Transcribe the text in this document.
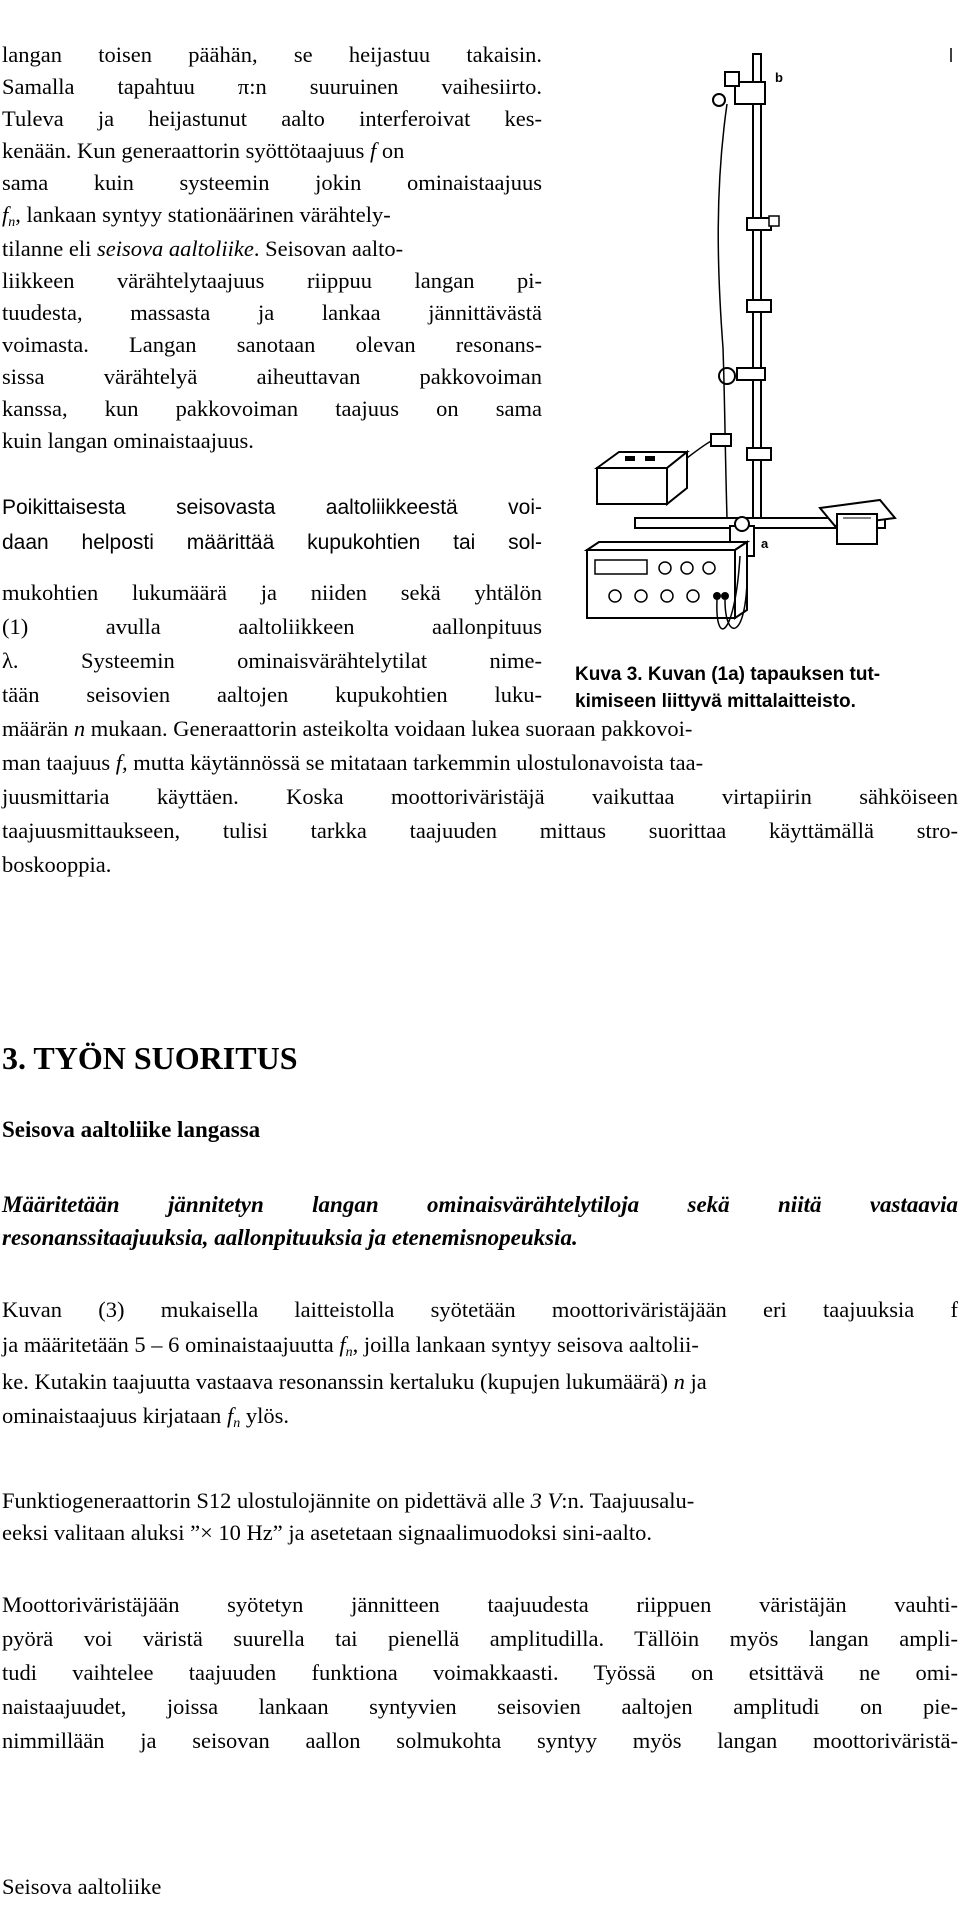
langan toisen päähän, se heijastuu takaisin.
Samalla tapahtuu π:n suuruinen vaihesiirto.
Tuleva ja heijastunut aalto interferoivat kes-
kenään. Kun generaattorin syöttötaajuus f on
sama kuin systeemin jokin ominaistaajuus
$f_n$, lankaan syntyy stationäärinen värähtely-
tilanne eli seisova aaltoliike. Seisovan aalto-
liikkeen värähtelytaajuus riippuu langan pi-
tuudesta, massasta ja lankaa jännittävästä
voimasta. Langan sanotaan olevan resonans-
sissa värähtelyä aiheuttavan pakkovoiman
kanssa, kun pakkovoiman taajuus on sama
kuin langan ominaistaajuus.
Poikittaisesta seisovasta aaltoliikkeestä voi-
daan helposti määrittää kupukohtien tai sol-
mukohtien lukumäärä ja niiden sekä yhtälön
(1) avulla aaltoliikkeen aallonpituus
λ. Systeemin ominaisvärähtelytilat nime-
tään seisovien aaltojen kupukohtien luku-
määrän n mukaan. Generaattorin asteikolta voidaan lukea suoraan pakkovoi-
man taajuus f, mutta käytännössä se mitataan tarkemmin ulostulonavoista taa-
juusmittaria käyttäen. Koska moottoriväristäjä vaikuttaa virtapiirin sähköiseen
taajuusmittaukseen, tulisi tarkka taajuuden mittaus suorittaa käyttämällä stro-
boskooppia.
b
a
Kuva 3. Kuvan (1a) tapauksen tut-
kimiseen liittyvä mittalaitteisto.
3. TYÖN SUORITUS
Seisova aaltoliike langassa
Määritetään jännitetyn langan ominaisvärähtelytiloja sekä niitä vastaavia
resonanssitaajuuksia, aallonpituuksia ja etenemisnopeuksia.
Kuvan (3) mukaisella laitteistolla syötetään moottoriväristäjään eri taajuuksia f
ja määritetään 5 – 6 ominaistaajuutta $f_n$, joilla lankaan syntyy seisova aaltolii-
ke. Kutakin taajuutta vastaava resonanssin kertaluku (kupujen lukumäärä) n ja
ominaistaajuus kirjataan $f_n$ ylös.
Funktiogeneraattorin S12 ulostulojännite on pidettävä alle 3 V:n. Taajuusalu-
eeksi valitaan aluksi ”× 10 Hz” ja asetetaan signaalimuodoksi sini-aalto.
Moottoriväristäjään syötetyn jännitteen taajuudesta riippuen väristäjän vauhti-
pyörä voi väristä suurella tai pienellä amplitudilla. Tällöin myös langan ampli-
tudi vaihtelee taajuuden funktiona voimakkaasti. Työssä on etsittävä ne omi-
naistaajuudet, joissa lankaan syntyvien seisovien aaltojen amplitudi on pie-
nimmillään ja seisovan aallon solmukohta syntyy myös langan moottoriväristä-
Seisova aaltoliike
